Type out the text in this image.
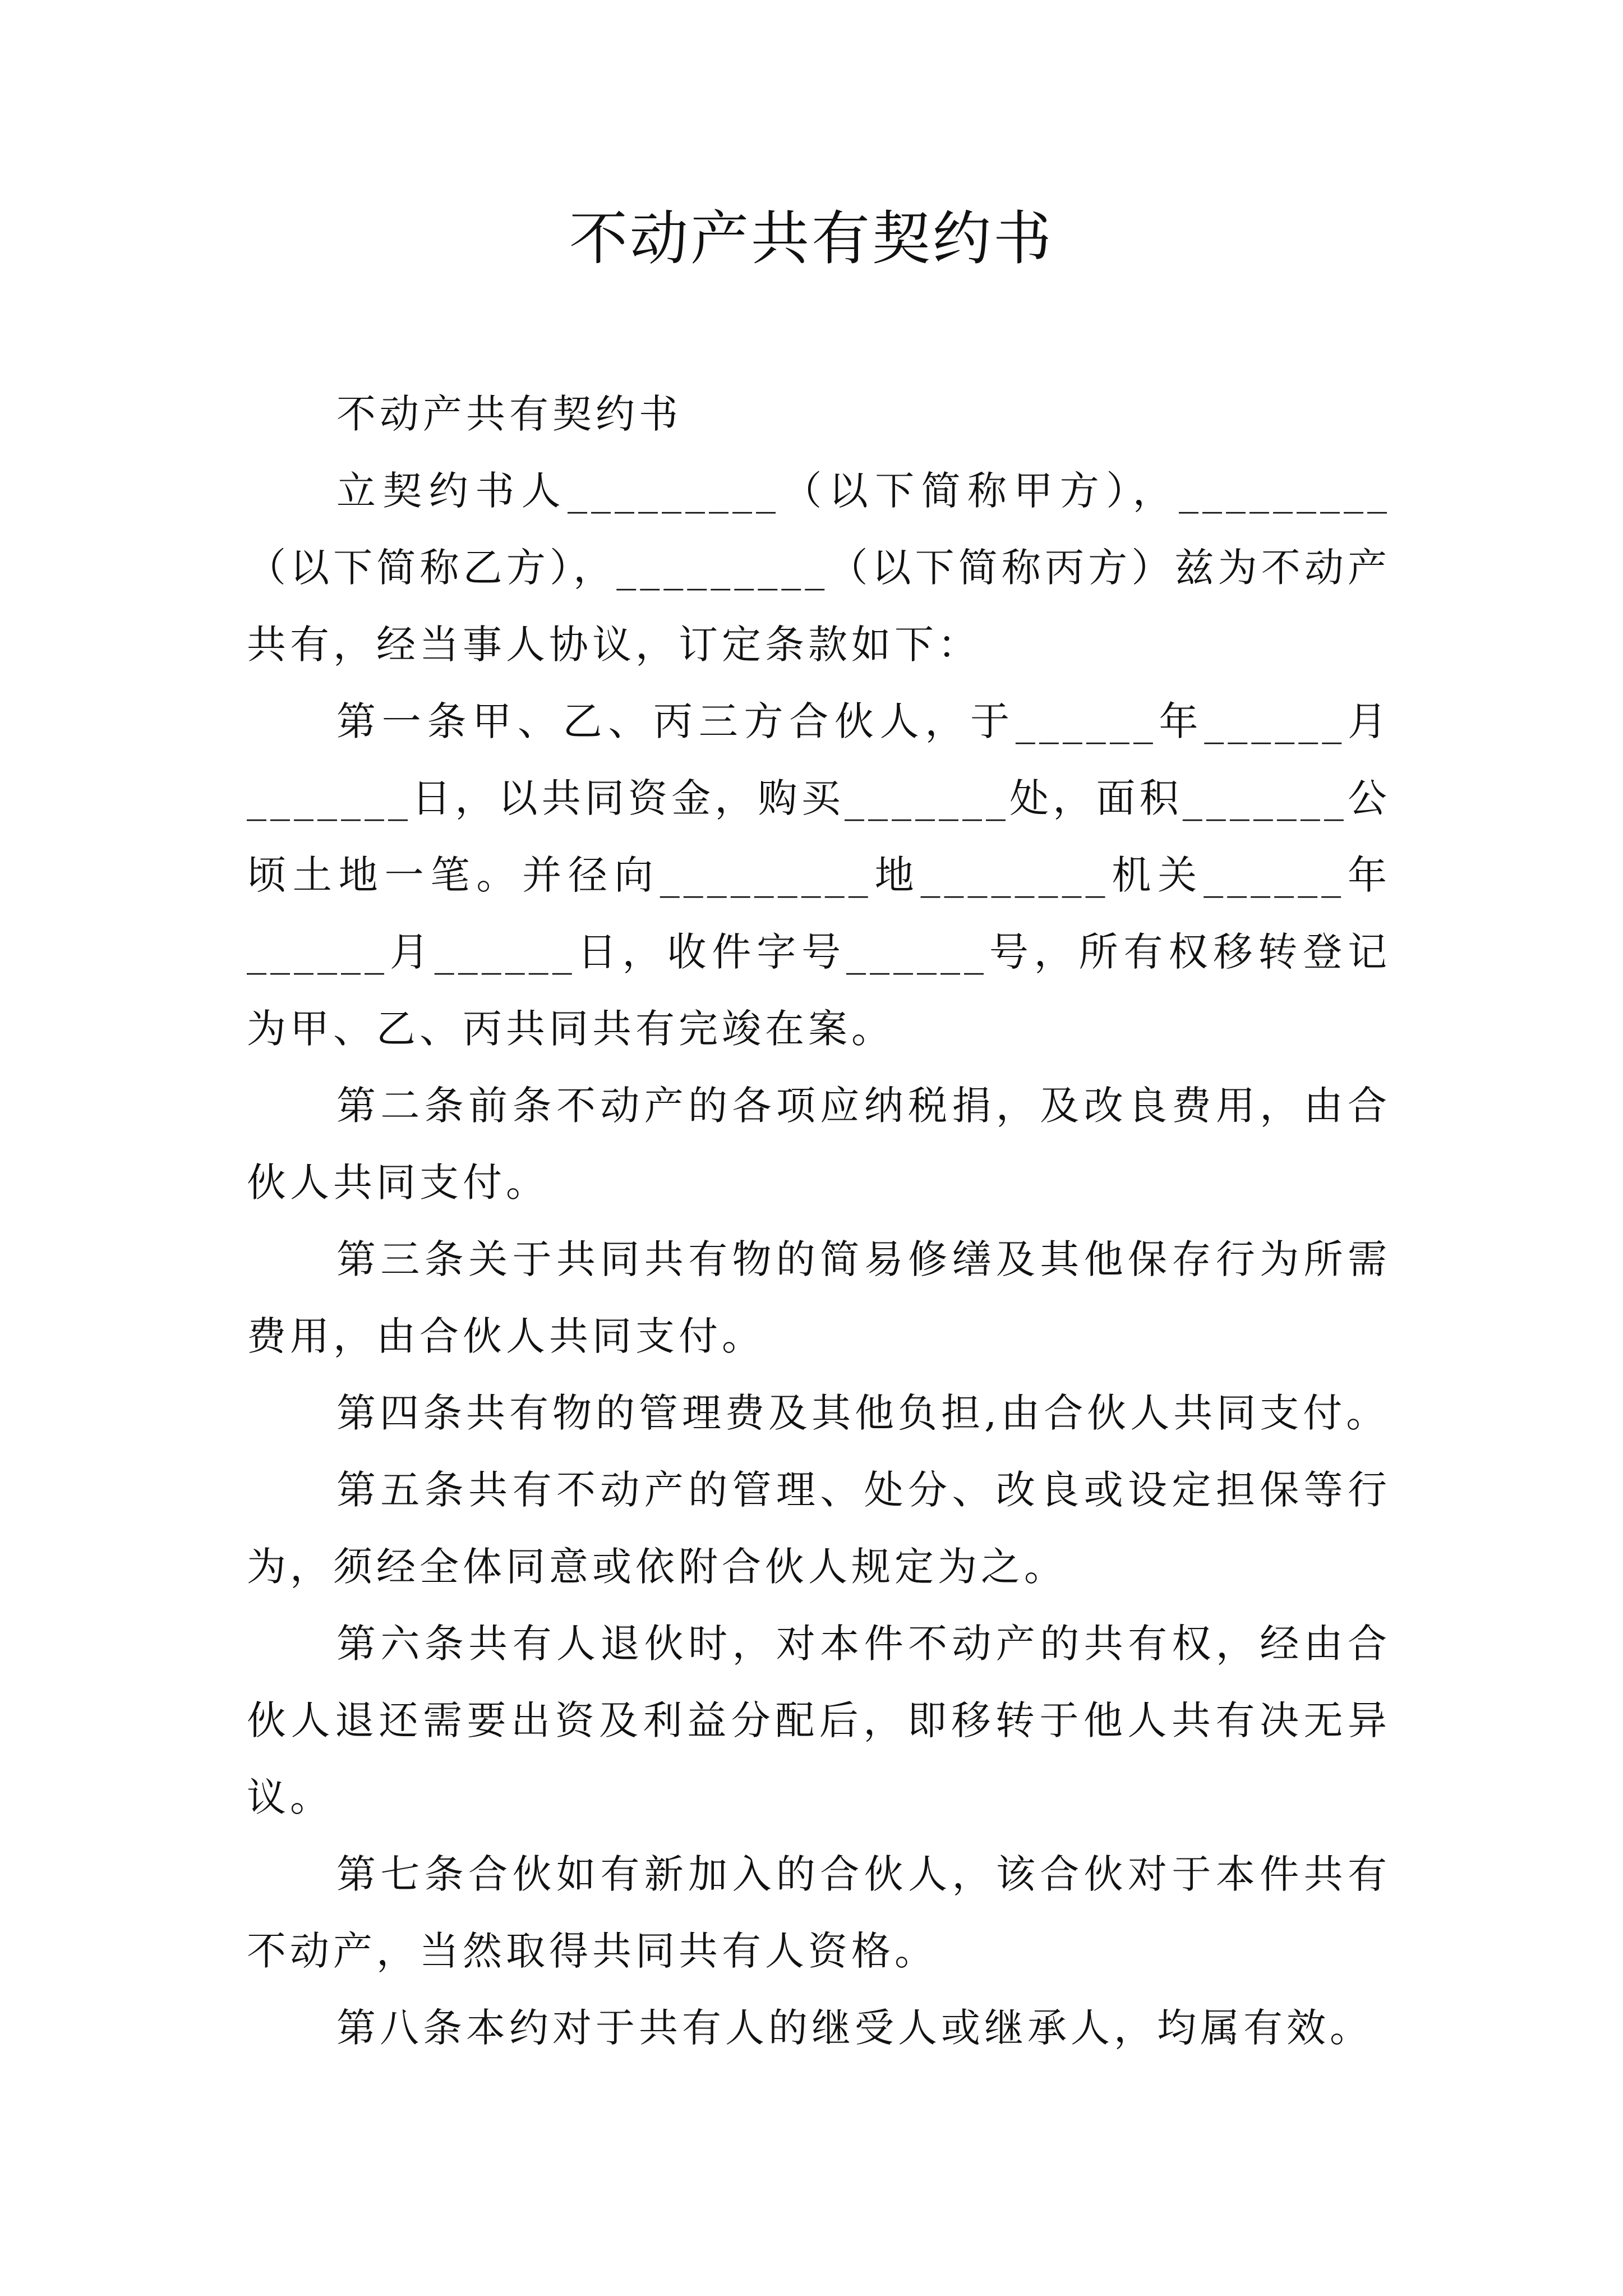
不动产共有契约书

不动产共有契约书

立契约书人_________（以下简称甲方），_________（以下简称乙方），_________（以下简称丙方）兹为不动产共有，经当事人协议，订定条款如下：

第一条甲、乙、丙三方合伙人，于______年______月_______日，以共同资金，购买_______处，面积_______公顷土地一笔。并径向_________地________机关______年______月______日，收件字号______号，所有权移转登记为甲、乙、丙共同共有完竣在案。

第二条前条不动产的各项应纳税捐，及改良费用，由合伙人共同支付。

第三条关于共同共有物的简易修缮及其他保存行为所需费用，由合伙人共同支付。

第四条共有物的管理费及其他负担,由合伙人共同支付。

第五条共有不动产的管理、处分、改良或设定担保等行为，须经全体同意或依附合伙人规定为之。

第六条共有人退伙时，对本件不动产的共有权，经由合伙人退还需要出资及利益分配后，即移转于他人共有决无异议。

第七条合伙如有新加入的合伙人，该合伙对于本件共有不动产，当然取得共同共有人资格。

第八条本约对于共有人的继受人或继承人，均属有效。
